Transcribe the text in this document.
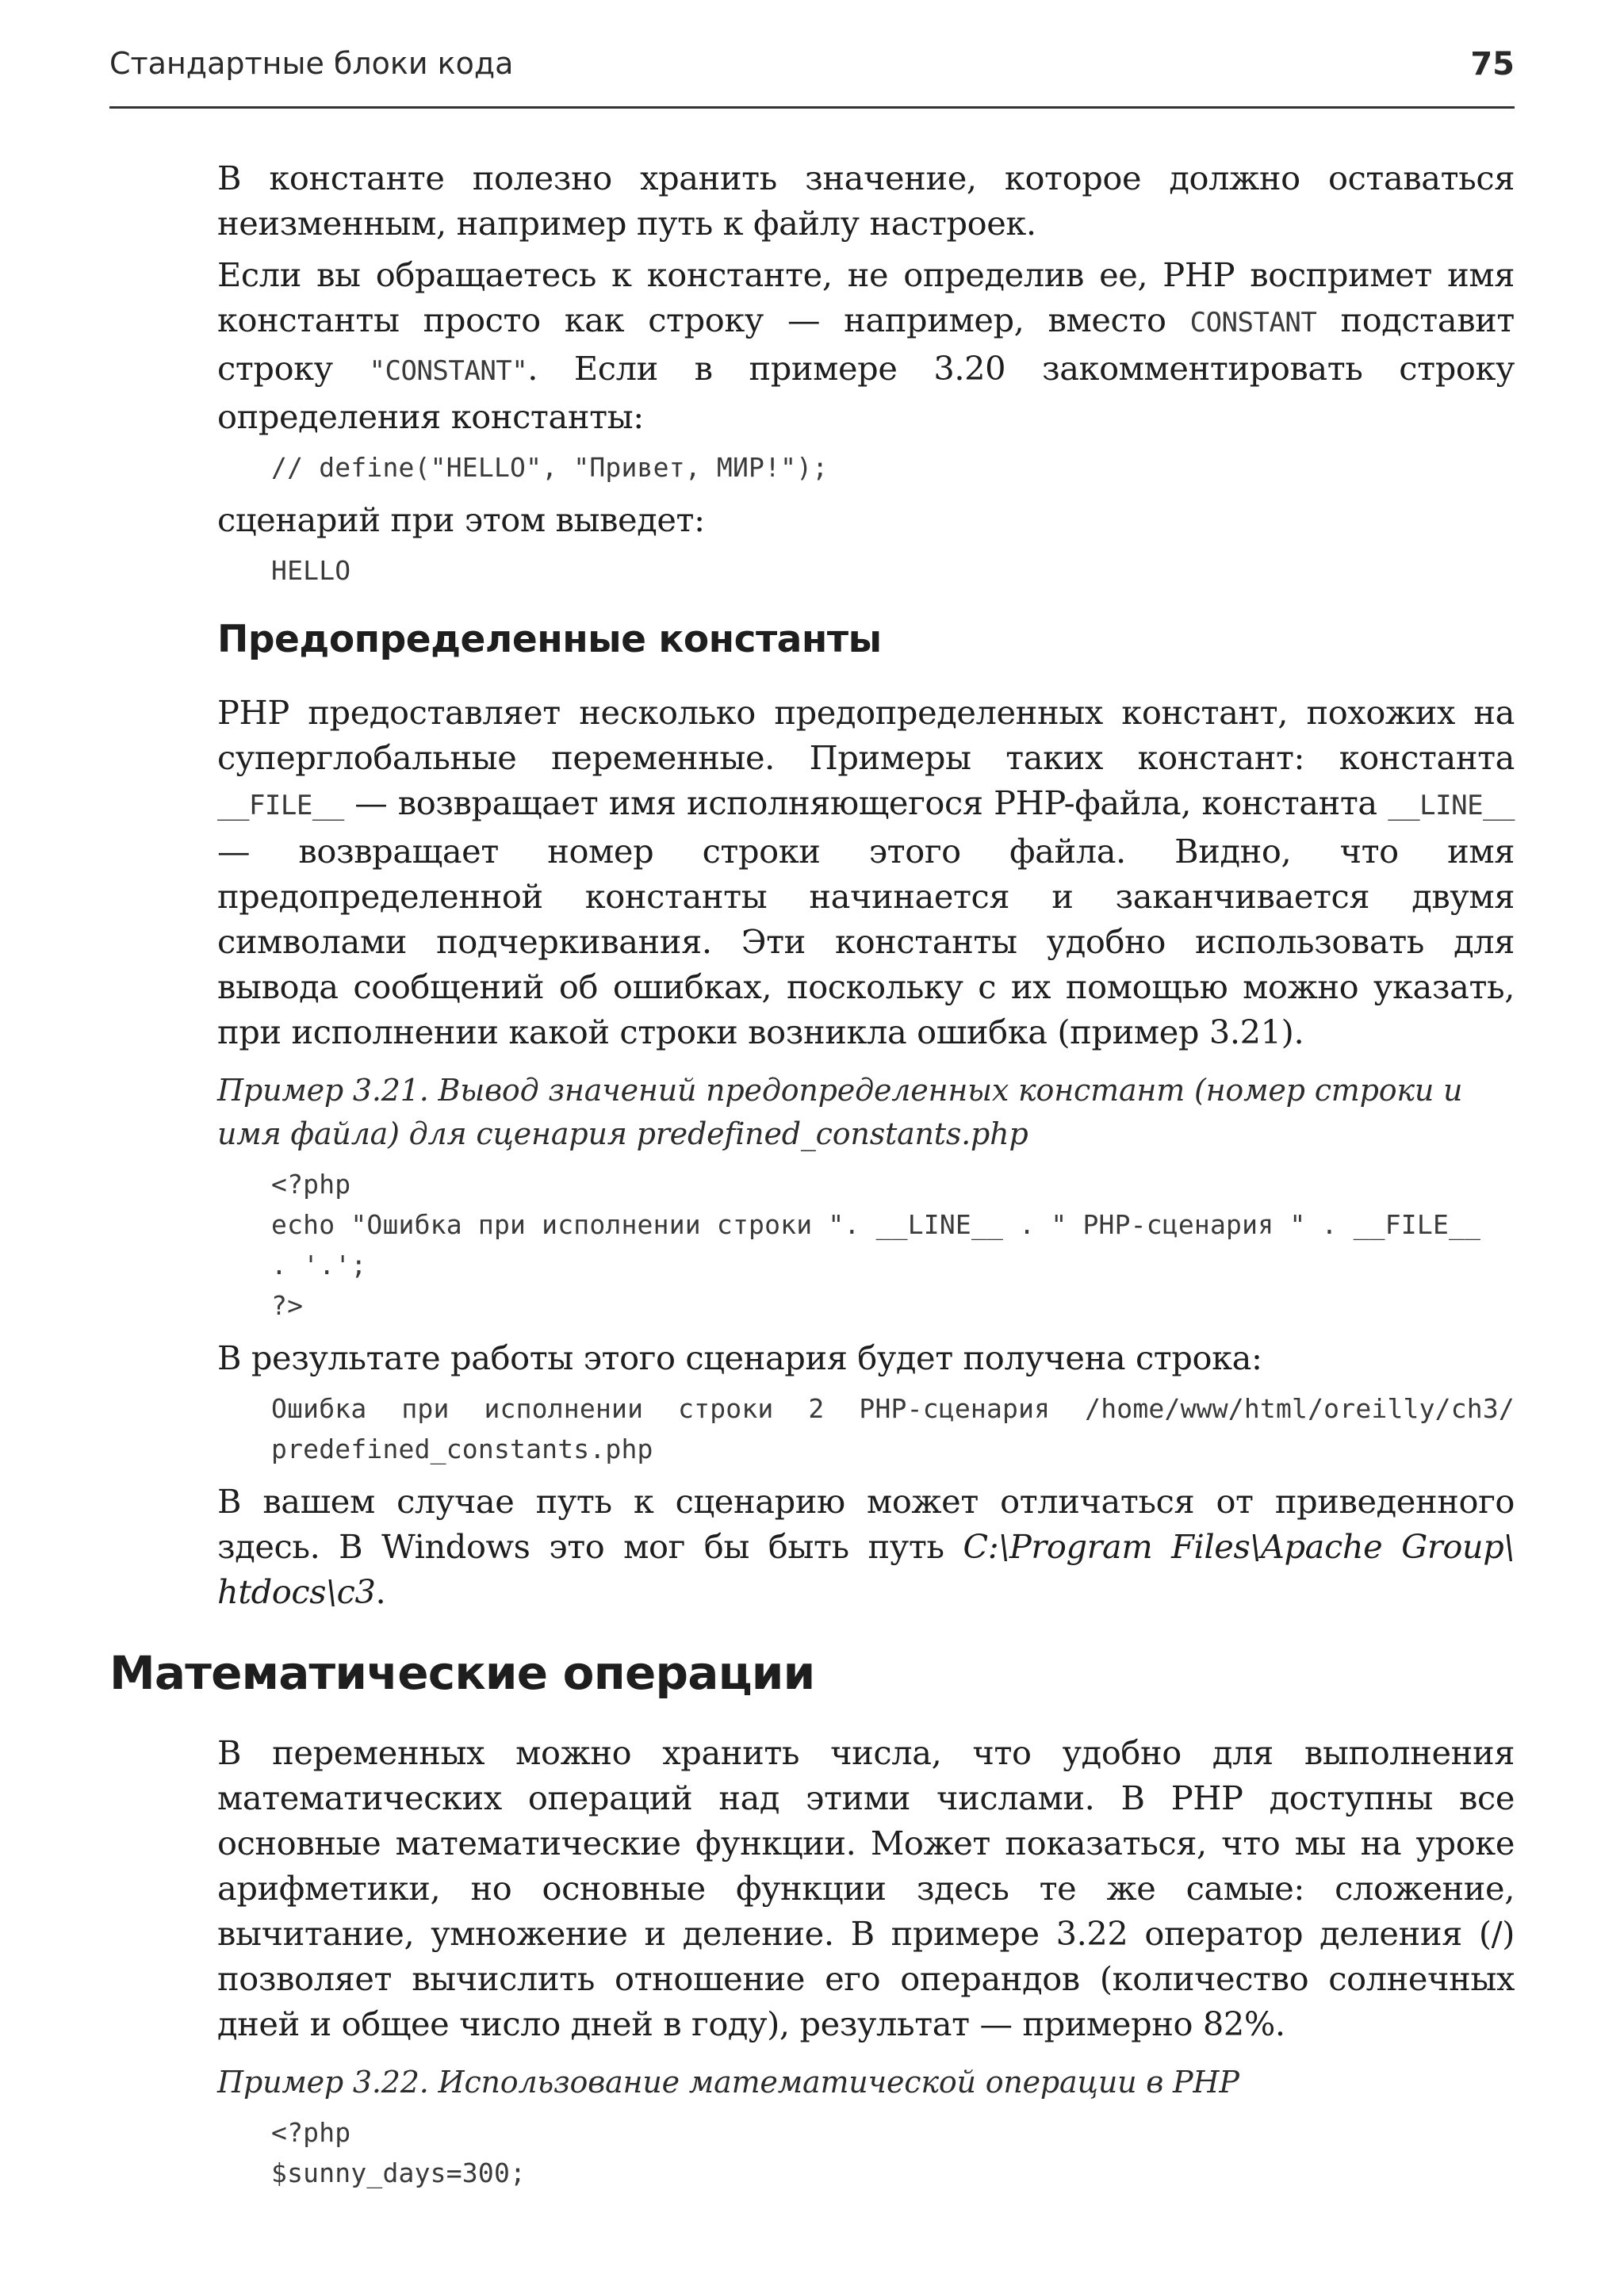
Стандартные блоки кода	75

В константе полезно хранить значение, которое должно оставаться неизменным, например путь к файлу настроек.

Если вы обращаетесь к константе, не определив ее, PHP воспримет имя константы просто как строку — например, вместо CONSTANT подставит строку "CONSTANT". Если в примере 3.20 закомментировать строку определения константы:

// define("HELLO", "Привет, МИР!");

сценарий при этом выведет:

HELLO
Предопределенные константы

PHP предоставляет несколько предопределенных констант, похожих на суперглобальные переменные. Примеры таких констант: константа __FILE__ — возвращает имя исполняющегося PHP-файла, константа __LINE__ — возвращает номер строки этого файла. Видно, что имя предопределенной константы начинается и заканчивается двумя символами подчеркивания. Эти константы удобно использовать для вывода сообщений об ошибках, поскольку с их помощью можно указать, при исполнении какой строки возникла ошибка (пример 3.21).

Пример 3.21. Вывод значений предопределенных констант (номер строки и имя файла) для сценария predefined_constants.php
<?php
echo "Ошибка при исполнении строки ". __LINE__ . " PHP-сценария " . __FILE__
. '.';
?>

В результате работы этого сценария будет получена строка:

Ошибка при исполнении строки 2 PHP-сценария /home/www/html/oreilly/ch3/ predefined_constants.php

В вашем случае путь к сценарию может отличаться от приведенного здесь. В Windows это мог бы быть путь C:\Program Files\Apache Group\ htdocs\c3.

Математические операции

В переменных можно хранить числа, что удобно для выполнения математических операций над этими числами. В PHP доступны все основные математические функции. Может показаться, что мы на уроке арифметики, но основные функции здесь те же самые: сложение, вычитание, умножение и деление. В примере 3.22 оператор деления (/) позволяет вычислить отношение его операндов (количество солнечных дней и общее число дней в году), результат — примерно 82%.

Пример 3.22. Использование математической операции в PHP
<?php
$sunny_days=300;
